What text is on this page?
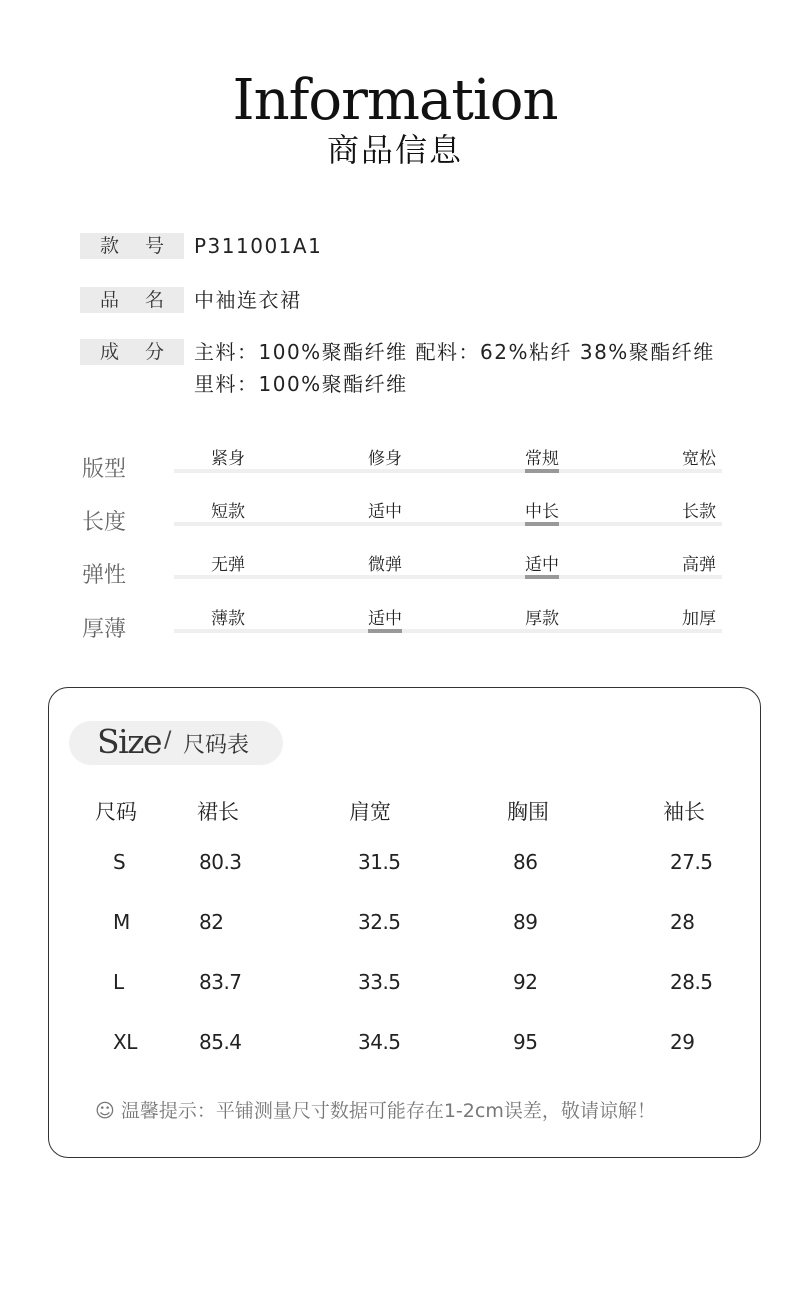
Information
商品信息
款 号 P311001A1
品 名 中袖连衣裙
成 分 主料：100%聚酯纤维 配料：62%粘纤 38%聚酯纤维
里料：100%聚酯纤维
版型	紧身	修身	常规	宽松
长度	短款	适中	中长	长款
弹性	无弹	微弹	适中	高弹
厚薄	薄款	适中	厚款	加厚
Size / 尺码表
尺码	裙长	肩宽	胸围	袖长
S	80.3	31.5	86	27.5
M	82	32.5	89	28
L	83.7	33.5	92	28.5
XL	85.4	34.5	95	29
☺ 温馨提示：平铺测量尺寸数据可能存在1-2cm误差，敬请谅解！
